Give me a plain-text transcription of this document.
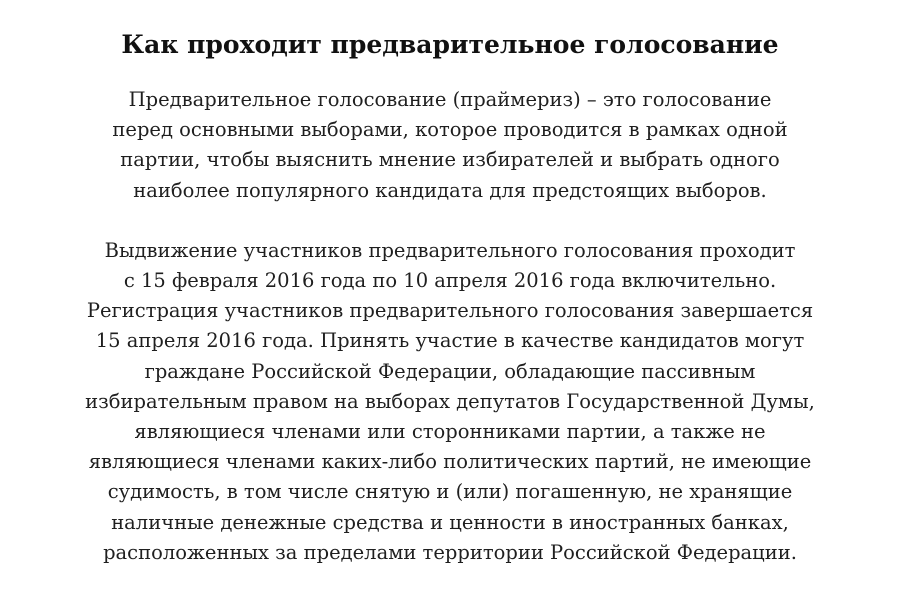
Как проходит предварительное голосование

Предварительное голосование (праймериз) – это голосование
перед основными выборами, которое проводится в рамках одной
партии, чтобы выяснить мнение избирателей и выбрать одного
наиболее популярного кандидата для предстоящих выборов.

Выдвижение участников предварительного голосования проходит
с 15 февраля 2016 года по 10 апреля 2016 года включительно.
Регистрация участников предварительного голосования завершается
15 апреля 2016 года. Принять участие в качестве кандидатов могут
граждане Российской Федерации, обладающие пассивным
избирательным правом на выборах депутатов Государственной Думы,
являющиеся членами или сторонниками партии, а также не
являющиеся членами каких-либо политических партий, не имеющие
судимость, в том числе снятую и (или) погашенную, не хранящие
наличные денежные средства и ценности в иностранных банках,
расположенных за пределами территории Российской Федерации.
